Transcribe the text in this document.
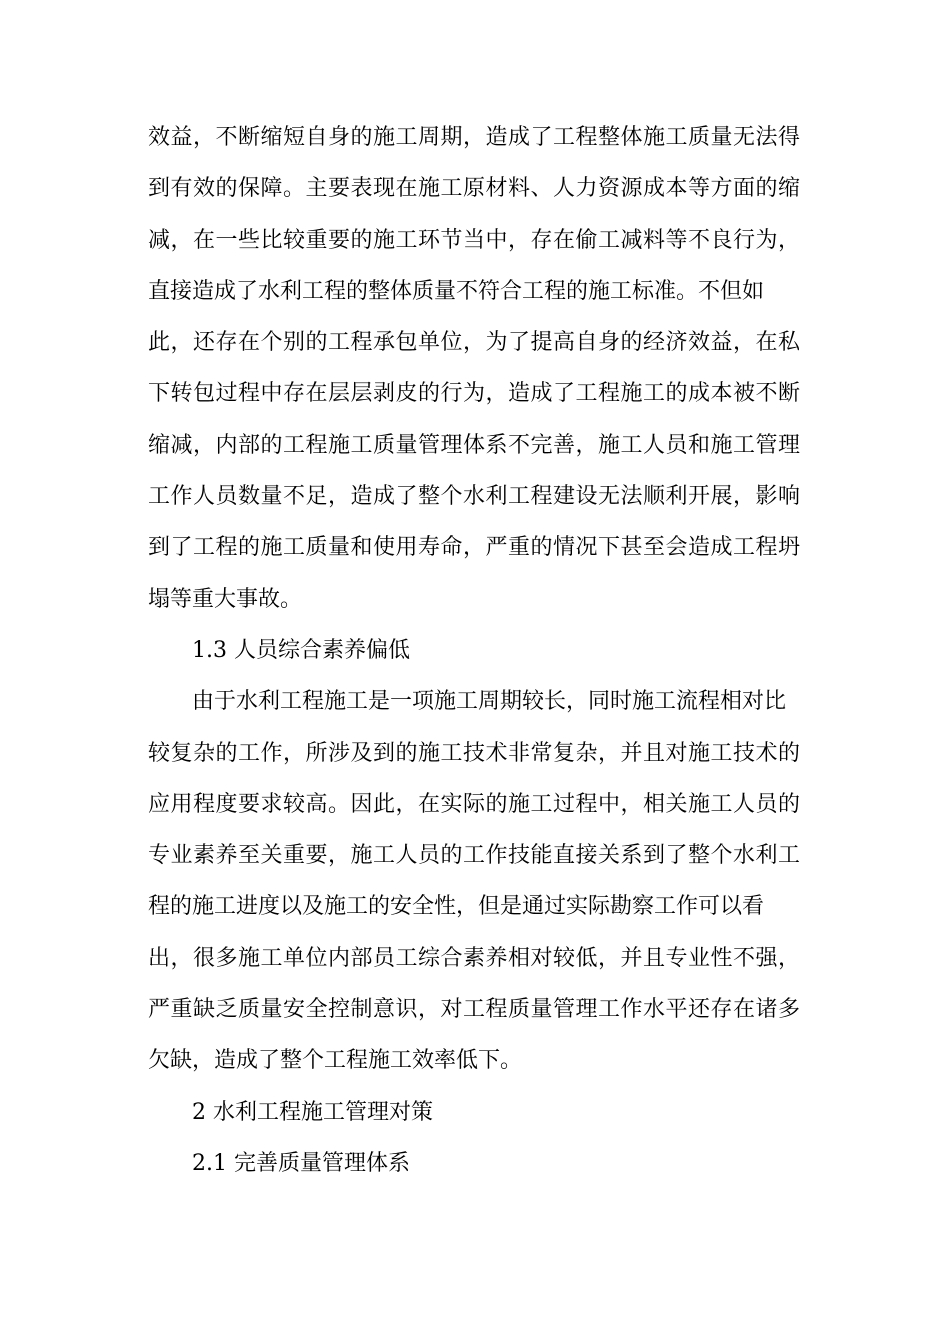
效益，不断缩短自身的施工周期，造成了工程整体施工质量无法得
到有效的保障。主要表现在施工原材料、人力资源成本等方面的缩
减，在一些比较重要的施工环节当中，存在偷工减料等不良行为，
直接造成了水利工程的整体质量不符合工程的施工标准。不但如
此，还存在个别的工程承包单位，为了提高自身的经济效益，在私
下转包过程中存在层层剥皮的行为，造成了工程施工的成本被不断
缩减，内部的工程施工质量管理体系不完善，施工人员和施工管理
工作人员数量不足，造成了整个水利工程建设无法顺利开展，影响
到了工程的施工质量和使用寿命，严重的情况下甚至会造成工程坍
塌等重大事故。
1.3 人员综合素养偏低
由于水利工程施工是一项施工周期较长，同时施工流程相对比
较复杂的工作，所涉及到的施工技术非常复杂，并且对施工技术的
应用程度要求较高。因此，在实际的施工过程中，相关施工人员的
专业素养至关重要，施工人员的工作技能直接关系到了整个水利工
程的施工进度以及施工的安全性，但是通过实际勘察工作可以看
出，很多施工单位内部员工综合素养相对较低，并且专业性不强，
严重缺乏质量安全控制意识，对工程质量管理工作水平还存在诸多
欠缺，造成了整个工程施工效率低下。
2 水利工程施工管理对策
2.1 完善质量管理体系
